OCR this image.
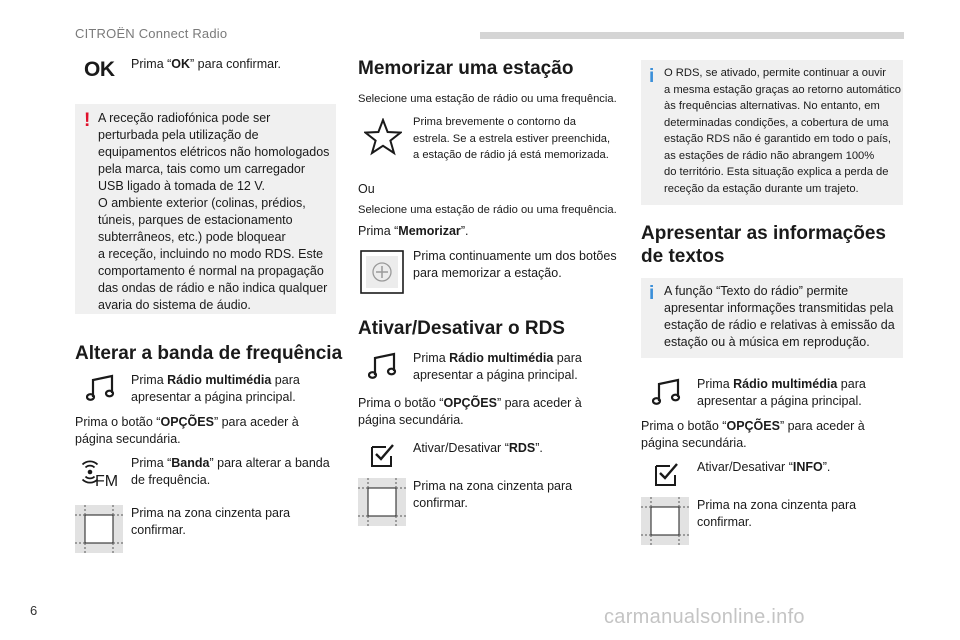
CITROËN Connect Radio
6	carmanualsonline.info
OK Prima “OK” para confirmar.
! A receção radiofónica pode ser
perturbada pela utilização de
equipamentos elétricos não homologados
pela marca, tais como um carregador
USB ligado à tomada de 12 V.
O ambiente exterior (colinas, prédios,
túneis, parques de estacionamento
subterrâneos, etc.) pode bloquear
a receção, incluindo no modo RDS. Este
comportamento é normal na propagação
das ondas de rádio e não indica qualquer
avaria do sistema de áudio.
Alterar a banda de frequência
Prima Rádio multimédia para
apresentar a página principal.
Prima o botão “OPÇÕES” para aceder à
página secundária.
FM
Prima “Banda” para alterar a banda
de frequência.
Prima na zona cinzenta para
confirmar.
Memorizar uma estação
Selecione uma estação de rádio ou uma frequência.
Prima brevemente o contorno da
estrela. Se a estrela estiver preenchida,
a estação de rádio já está memorizada.
Ou
Selecione uma estação de rádio ou uma frequência.
Prima “Memorizar”.
Prima continuamente um dos botões
para memorizar a estação.
Ativar/Desativar o RDS
Prima Rádio multimédia para
apresentar a página principal.
Prima o botão “OPÇÕES” para aceder à
página secundária.
Ativar/Desativar “RDS”.
Prima na zona cinzenta para
confirmar.
i O RDS, se ativado, permite continuar a ouvir
a mesma estação graças ao retorno automático
às frequências alternativas. No entanto, em
determinadas condições, a cobertura de uma
estação RDS não é garantido em todo o país,
as estações de rádio não abrangem 100%
do território. Esta situação explica a perda de
receção da estação durante um trajeto.
Apresentar as informações
de textos
i A função “Texto do rádio” permite
apresentar informações transmitidas pela
estação de rádio e relativas à emissão da
estação ou à música em reprodução.
Prima Rádio multimédia para
apresentar a página principal.
Prima o botão “OPÇÕES” para aceder à
página secundária.
Ativar/Desativar “INFO”.
Prima na zona cinzenta para
confirmar.
